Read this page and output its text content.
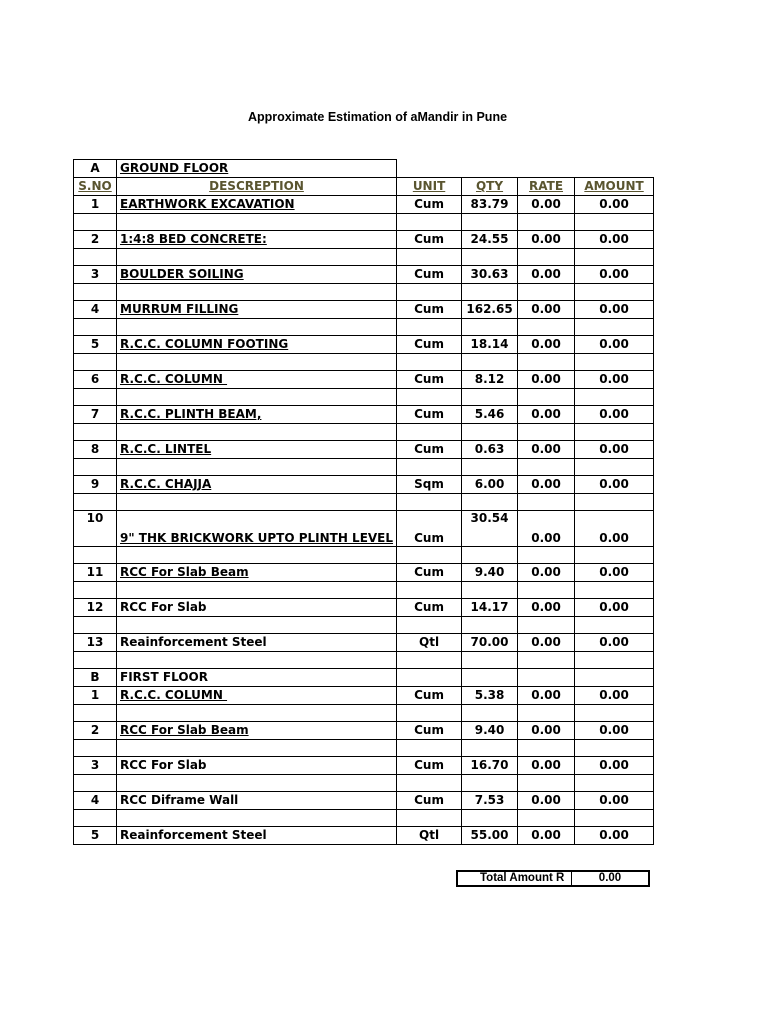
Approximate Estimation of aMandir in Pune
A	GROUND FLOOR				
S.NO	DESCREPTION	UNIT	QTY	RATE	AMOUNT
1	EARTHWORK EXCAVATION	Cum	83.79	0.00	0.00

2	1:4:8 BED CONCRETE:	Cum	24.55	0.00	0.00

3	BOULDER SOILING	Cum	30.63	0.00	0.00

4	MURRUM FILLING	Cum	162.65	0.00	0.00

5	R.C.C. COLUMN FOOTING	Cum	18.14	0.00	0.00

6	R.C.C. COLUMN	Cum	8.12	0.00	0.00

7	R.C.C. PLINTH BEAM,	Cum	5.46	0.00	0.00

8	R.C.C. LINTEL	Cum	0.63	0.00	0.00

9	R.C.C. CHAJJA	Sqm	6.00	0.00	0.00

10	9" THK BRICKWORK UPTO PLINTH LEVEL	Cum	30.54	0.00	0.00

11	RCC For Slab Beam	Cum	9.40	0.00	0.00

12	RCC For Slab	Cum	14.17	0.00	0.00

13	Reainforcement Steel	Qtl	70.00	0.00	0.00

B	FIRST FLOOR				
1	R.C.C. COLUMN	Cum	5.38	0.00	0.00

2	RCC For Slab Beam	Cum	9.40	0.00	0.00

3	RCC For Slab	Cum	16.70	0.00	0.00

4	RCC Diframe Wall	Cum	7.53	0.00	0.00

5	Reainforcement Steel	Qtl	55.00	0.00	0.00
Total Amount R	0.00
